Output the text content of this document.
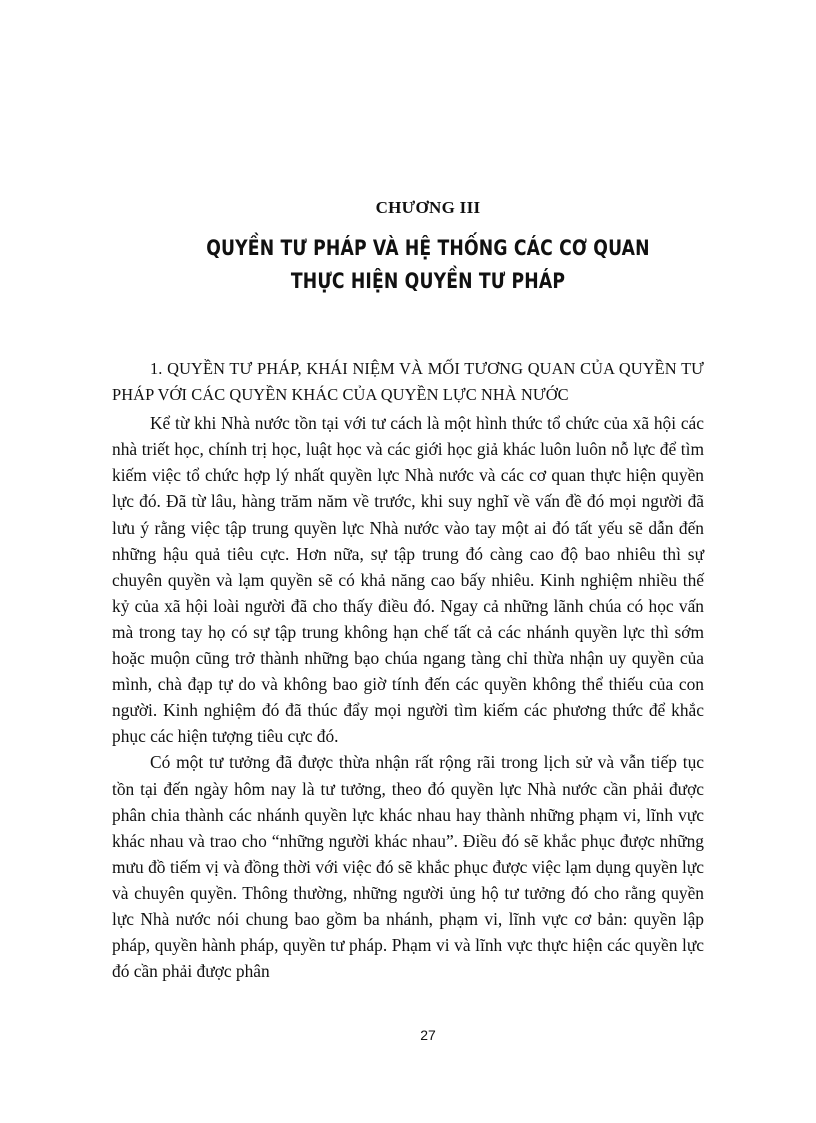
CHƯƠNG III
QUYỀN TƯ PHÁP VÀ HỆ THỐNG CÁC CƠ QUAN
THỰC HIỆN QUYỀN TƯ PHÁP
1. QUYỀN TƯ PHÁP, KHÁI NIỆM VÀ MỐI TƯƠNG QUAN CỦA QUYỀN TƯ PHÁP VỚI CÁC QUYỀN KHÁC CỦA QUYỀN LỰC NHÀ NƯỚC

Kể từ khi Nhà nước tồn tại với tư cách là một hình thức tổ chức của xã hội các nhà triết học, chính trị học, luật học và các giới học giả khác luôn luôn nỗ lực để tìm kiếm việc tổ chức hợp lý nhất quyền lực Nhà nước và các cơ quan thực hiện quyền lực đó. Đã từ lâu, hàng trăm năm về trước, khi suy nghĩ về vấn đề đó mọi người đã lưu ý rằng việc tập trung quyền lực Nhà nước vào tay một ai đó tất yếu sẽ dẫn đến những hậu quả tiêu cực. Hơn nữa, sự tập trung đó càng cao độ bao nhiêu thì sự chuyên quyền và lạm quyền sẽ có khả năng cao bấy nhiêu. Kinh nghiệm nhiều thế kỷ của xã hội loài người đã cho thấy điều đó. Ngay cả những lãnh chúa có học vấn mà trong tay họ có sự tập trung không hạn chế tất cả các nhánh quyền lực thì sớm hoặc muộn cũng trở thành những bạo chúa ngang tàng chỉ thừa nhận uy quyền của mình, chà đạp tự do và không bao giờ tính đến các quyền không thể thiếu của con người. Kinh nghiệm đó đã thúc đẩy mọi người tìm kiếm các phương thức để khắc phục các hiện tượng tiêu cực đó.

Có một tư tưởng đã được thừa nhận rất rộng rãi trong lịch sử và vẫn tiếp tục tồn tại đến ngày hôm nay là tư tưởng, theo đó quyền lực Nhà nước cần phải được phân chia thành các nhánh quyền lực khác nhau hay thành những phạm vi, lĩnh vực khác nhau và trao cho “những người khác nhau”. Điều đó sẽ khắc phục được những mưu đồ tiếm vị và đồng thời với việc đó sẽ khắc phục được việc lạm dụng quyền lực và chuyên quyền. Thông thường, những người ủng hộ tư tưởng đó cho rằng quyền lực Nhà nước nói chung bao gồm ba nhánh, phạm vi, lĩnh vực cơ bản: quyền lập pháp, quyền hành pháp, quyền tư pháp. Phạm vi và lĩnh vực thực hiện các quyền lực đó cần phải được phân

27
